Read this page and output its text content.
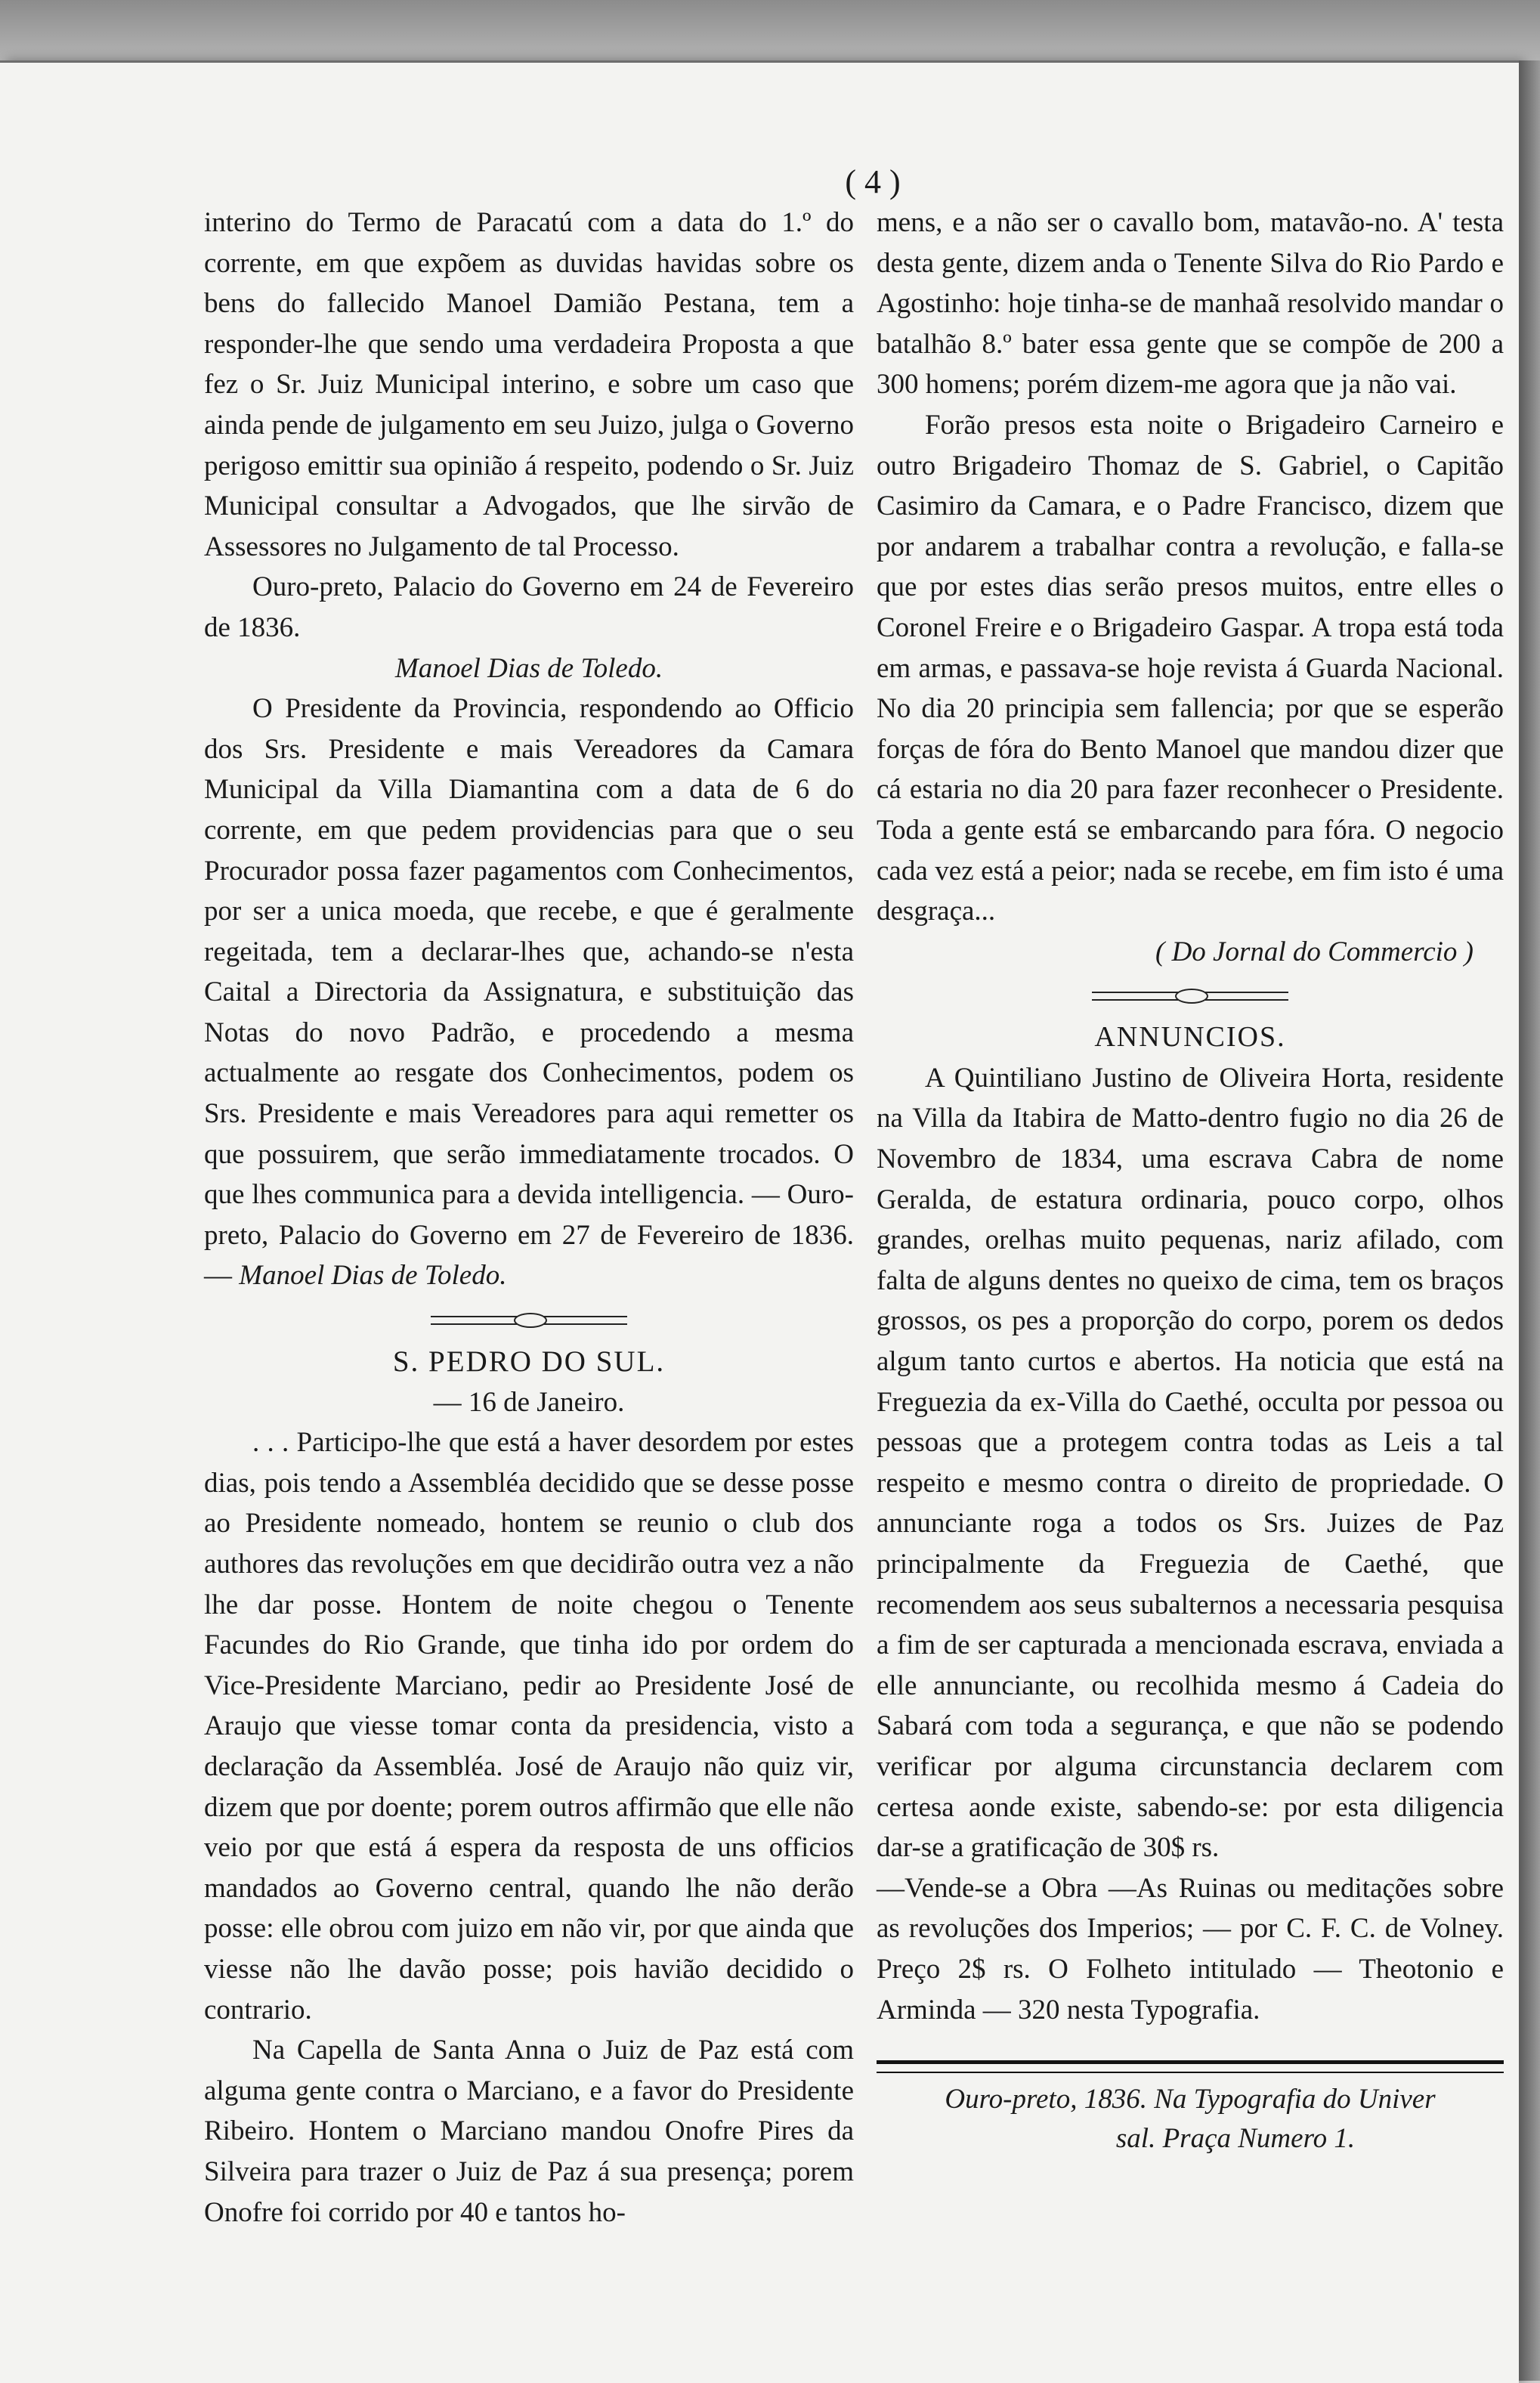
( 4 )

interino do Termo de Paracatú com a data do 1.º do corrente, em que expõem as duvidas havidas sobre os bens do fallecido Manoel Damião Pestana, tem a responder-lhe que sendo uma verdadeira Proposta a que fez o Sr. Juiz Municipal interino, e sobre um caso que ainda pende de julgamento em seu Juizo, julga o Governo perigoso emittir sua opinião á respeito, podendo o Sr. Juiz Municipal consultar a Advogados, que lhe sirvão de Assessores no Julgamento de tal Processo.

Ouro-preto, Palacio do Governo em 24 de Fevereiro de 1836.

Manoel Dias de Toledo.

O Presidente da Provincia, respondendo ao Officio dos Srs. Presidente e mais Vereadores da Camara Municipal da Villa Diamantina com a data de 6 do corrente, em que pedem providencias para que o seu Procurador possa fazer pagamentos com Conhecimentos, por ser a unica moeda, que recebe, e que é geralmente regeitada, tem a declarar-lhes que, achando-se n'esta Caital a Directoria da Assignatura, e substituição das Notas do novo Padrão, e procedendo a mesma actualmente ao resgate dos Conhecimentos, podem os Srs. Presidente e mais Vereadores para aqui remetter os que possuirem, que serão immediatamente trocados. O que lhes communica para a devida intelligencia. — Ouro-preto, Palacio do Governo em 27 de Fevereiro de 1836. — Manoel Dias de Toledo.

S. PEDRO DO SUL.

— 16 de Janeiro.

. . . Participo-lhe que está a haver desordem por estes dias, pois tendo a Assembléa decidido que se desse posse ao Presidente nomeado, hontem se reunio o club dos authores das revoluções em que decidirão outra vez a não lhe dar posse. Hontem de noite chegou o Tenente Facundes do Rio Grande, que tinha ido por ordem do Vice-Presidente Marciano, pedir ao Presidente José de Araujo que viesse tomar conta da presidencia, visto a declaração da Assembléa. José de Araujo não quiz vir, dizem que por doente; porem outros affirmão que elle não veio por que está á espera da resposta de uns officios mandados ao Governo central, quando lhe não derão posse: elle obrou com juizo em não vir, por que ainda que viesse não lhe davão posse; pois havião decidido o contrario.

Na Capella de Santa Anna o Juiz de Paz está com alguma gente contra o Marciano, e a favor do Presidente Ribeiro. Hontem o Marciano mandou Onofre Pires da Silveira para trazer o Juiz de Paz á sua presença; porem Onofre foi corrido por 40 e tantos ho-

mens, e a não ser o cavallo bom, matavão-no. A' testa desta gente, dizem anda o Tenente Silva do Rio Pardo e Agostinho: hoje tinha-se de manhaã resolvido mandar o batalhão 8.º bater essa gente que se compõe de 200 a 300 homens; porém dizem-me agora que ja não vai.

Forão presos esta noite o Brigadeiro Carneiro e outro Brigadeiro Thomaz de S. Gabriel, o Capitão Casimiro da Camara, e o Padre Francisco, dizem que por andarem a trabalhar contra a revolução, e falla-se que por estes dias serão presos muitos, entre elles o Coronel Freire e o Brigadeiro Gaspar. A tropa está toda em armas, e passava-se hoje revista á Guarda Nacional. No dia 20 principia sem fallencia; por que se esperão forças de fóra do Bento Manoel que mandou dizer que cá estaria no dia 20 para fazer reconhecer o Presidente. Toda a gente está se embarcando para fóra. O negocio cada vez está a peior; nada se recebe, em fim isto é uma desgraça...

( Do Jornal do Commercio )

ANNUNCIOS.

A Quintiliano Justino de Oliveira Horta, residente na Villa da Itabira de Matto-dentro fugio no dia 26 de Novembro de 1834, uma escrava Cabra de nome Geralda, de estatura ordinaria, pouco corpo, olhos grandes, orelhas muito pequenas, nariz afilado, com falta de alguns dentes no queixo de cima, tem os braços grossos, os pes a proporção do corpo, porem os dedos algum tanto curtos e abertos. Ha noticia que está na Freguezia da ex-Villa do Caethé, occulta por pessoa ou pessoas que a protegem contra todas as Leis a tal respeito e mesmo contra o direito de propriedade. O annunciante roga a todos os Srs. Juizes de Paz principalmente da Freguezia de Caethé, que recomendem aos seus subalternos a necessaria pesquisa a fim de ser capturada a mencionada escrava, enviada a elle annunciante, ou recolhida mesmo á Cadeia do Sabará com toda a segurança, e que não se podendo verificar por alguma circunstancia declarem com certesa aonde existe, sabendo-se: por esta diligencia dar-se a gratificação de 30$ rs.

—Vende-se a Obra —As Ruinas ou meditações sobre as revoluções dos Imperios; — por C. F. C. de Volney. Preço 2$ rs. O Folheto intitulado — Theotonio e Arminda — 320 nesta Typografia.

Ouro-preto, 1836. Na Typografia do Univer

sal. Praça Numero 1.
